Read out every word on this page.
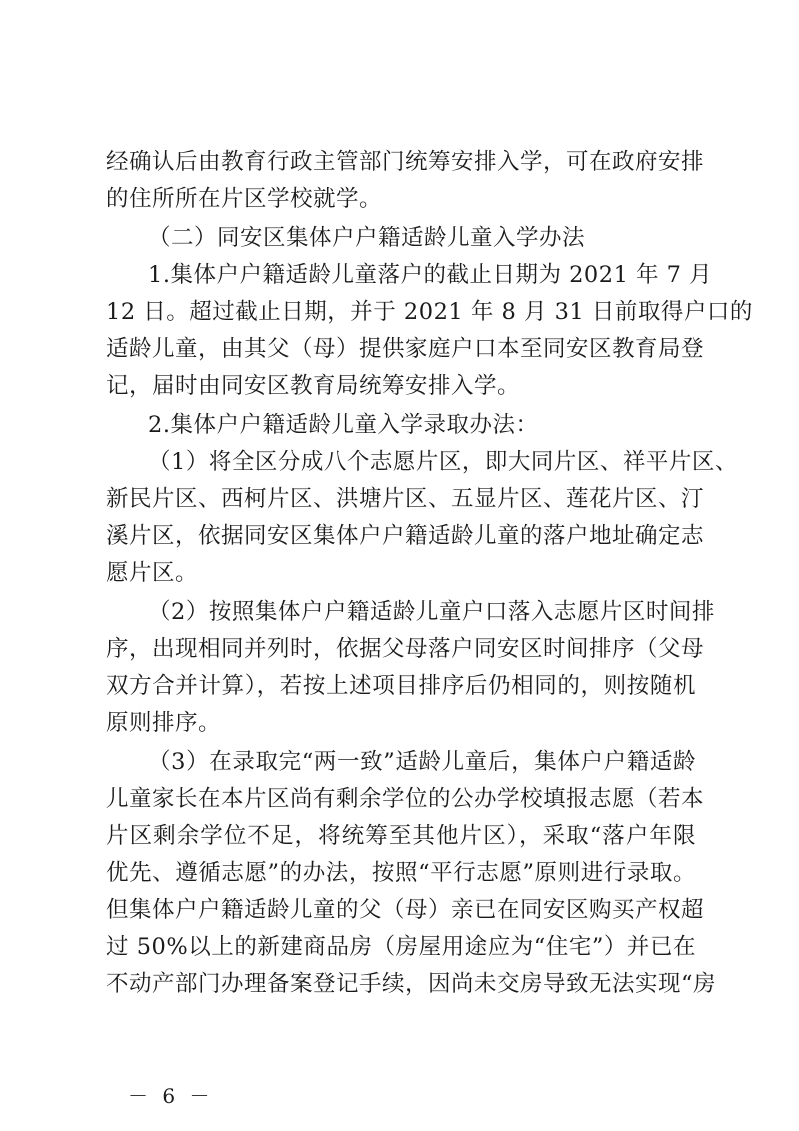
经确认后由教育行政主管部门统筹安排入学，可在政府安排
的住所所在片区学校就学。
（二）同安区集体户户籍适龄儿童入学办法
1.集体户户籍适龄儿童落户的截止日期为 2021 年 7 月
12 日。超过截止日期，并于 2021 年 8 月 31 日前取得户口的
适龄儿童，由其父（母）提供家庭户口本至同安区教育局登
记，届时由同安区教育局统筹安排入学。
2.集体户户籍适龄儿童入学录取办法：
（1）将全区分成八个志愿片区，即大同片区、祥平片区、
新民片区、西柯片区、洪塘片区、五显片区、莲花片区、汀
溪片区，依据同安区集体户户籍适龄儿童的落户地址确定志
愿片区。
（2）按照集体户户籍适龄儿童户口落入志愿片区时间排
序，出现相同并列时，依据父母落户同安区时间排序（父母
双方合并计算），若按上述项目排序后仍相同的，则按随机
原则排序。
（3）在录取完“两一致”适龄儿童后，集体户户籍适龄
儿童家长在本片区尚有剩余学位的公办学校填报志愿（若本
片区剩余学位不足，将统筹至其他片区），采取“落户年限
优先、遵循志愿”的办法，按照“平行志愿”原则进行录取。
但集体户户籍适龄儿童的父（母）亲已在同安区购买产权超
过 50%以上的新建商品房（房屋用途应为“住宅”）并已在
不动产部门办理备案登记手续，因尚未交房导致无法实现“房
－ 6 －
